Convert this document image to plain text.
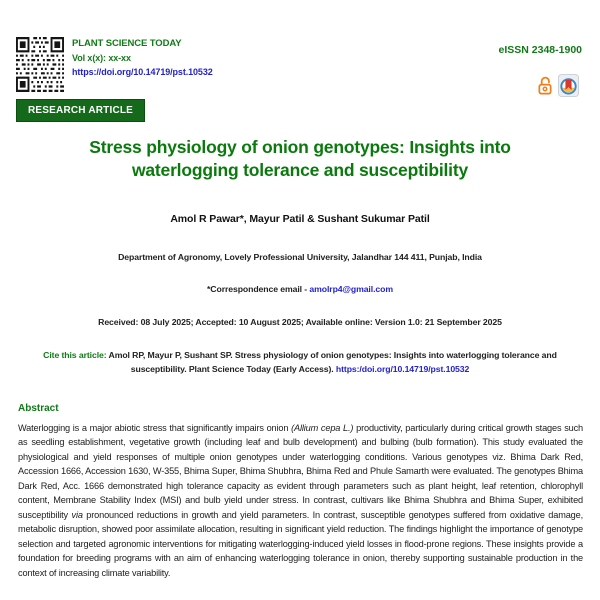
PLANT SCIENCE TODAY
Vol x(x): xx-xx
https://doi.org/10.14719/pst.10532
eISSN 2348-1900
RESEARCH ARTICLE
Stress physiology of onion genotypes: Insights into waterlogging tolerance and susceptibility
Amol R Pawar*, Mayur Patil & Sushant Sukumar Patil
Department of Agronomy, Lovely Professional University, Jalandhar 144 411, Punjab, India
*Correspondence email - amolrp4@gmail.com
Received: 08 July 2025; Accepted: 10 August 2025; Available online: Version 1.0: 21 September 2025
Cite this article: Amol RP, Mayur P, Sushant SP. Stress physiology of onion genotypes: Insights into waterlogging tolerance and susceptibility. Plant Science Today (Early Access). https:/doi.org/10.14719/pst.10532
Abstract
Waterlogging is a major abiotic stress that significantly impairs onion (Allium cepa L.) productivity, particularly during critical growth stages such as seedling establishment, vegetative growth (including leaf and bulb development) and bulbing (bulb formation). This study evaluated the physiological and yield responses of multiple onion genotypes under waterlogging conditions. Various genotypes viz. Bhima Dark Red, Accession 1666, Accession 1630, W-355, Bhima Super, Bhima Shubhra, Bhima Red and Phule Samarth were evaluated. The genotypes Bhima Dark Red, Acc. 1666 demonstrated high tolerance capacity as evident through parameters such as plant height, leaf retention, chlorophyll content, Membrane Stability Index (MSI) and bulb yield under stress. In contrast, cultivars like Bhima Shubhra and Bhima Super, exhibited susceptibility via pronounced reductions in growth and yield parameters. In contrast, susceptible genotypes suffered from oxidative damage, metabolic disruption, showed poor assimilate allocation, resulting in significant yield reduction. The findings highlight the importance of genotype selection and targeted agronomic interventions for mitigating waterlogging-induced yield losses in flood-prone regions. These insights provide a foundation for breeding programs with an aim of enhancing waterlogging tolerance in onion, thereby supporting sustainable production in the context of increasing climate variability.
